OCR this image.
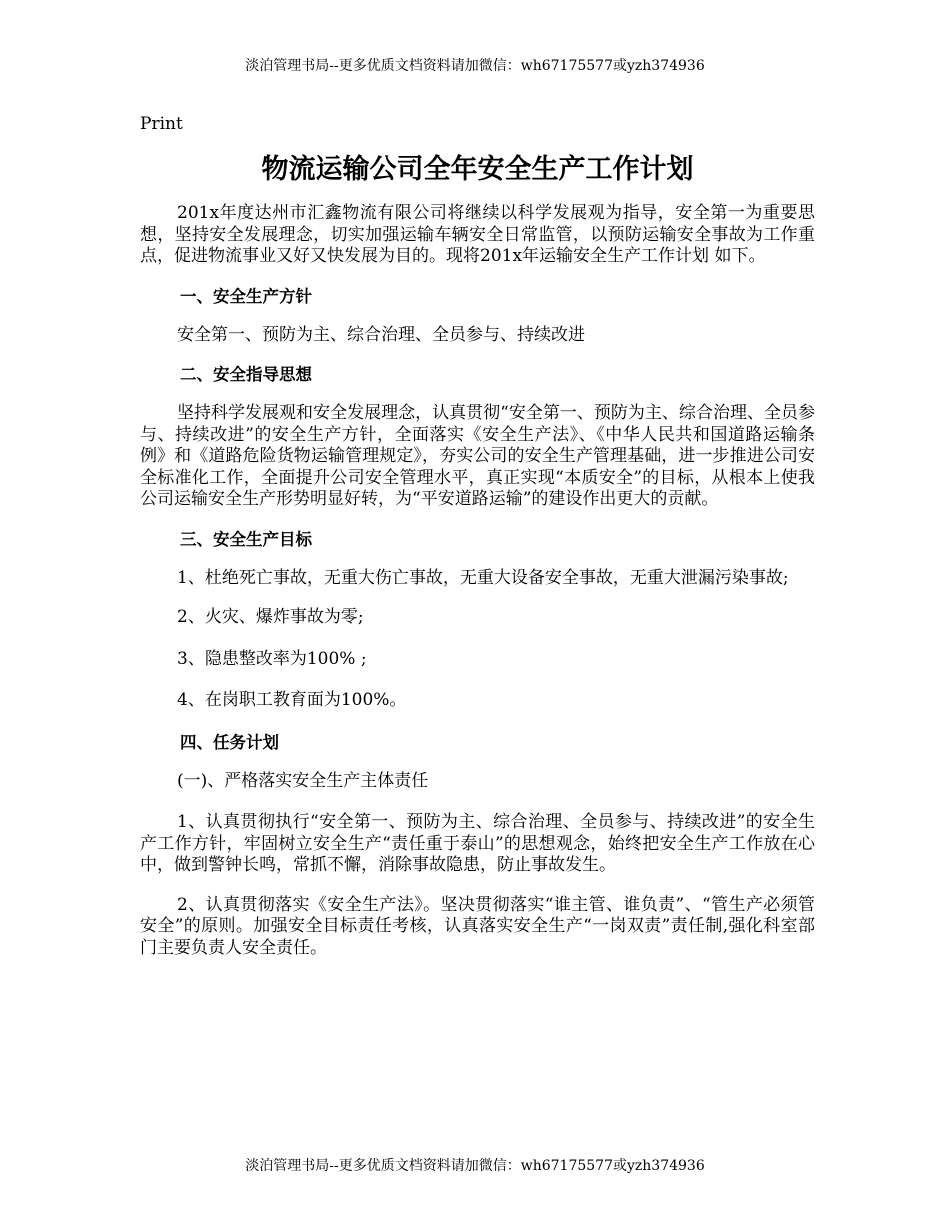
淡泊管理书局--更多优质文档资料请加微信：wh67175577或yzh374936
Print
物流运输公司全年安全生产工作计划

201x年度达州市汇鑫物流有限公司将继续以科学发展观为指导，安全第一为重要思想，坚持安全发展理念，切实加强运输车辆安全日常监管，以预防运输安全事故为工作重点，促进物流事业又好又快发展为目的。现将201x年运输安全生产工作计划 如下。

一、安全生产方针

安全第一、预防为主、综合治理、全员参与、持续改进

二、安全指导思想

坚持科学发展观和安全发展理念，认真贯彻“安全第一、预防为主、综合治理、全员参与、持续改进”的安全生产方针，全面落实《安全生产法》、《中华人民共和国道路运输条例》和《道路危险货物运输管理规定》，夯实公司的安全生产管理基础，进一步推进公司安全标准化工作，全面提升公司安全管理水平，真正实现“本质安全”的目标，从根本上使我公司运输安全生产形势明显好转，为“平安道路运输”的建设作出更大的贡献。

三、安全生产目标

1、杜绝死亡事故，无重大伤亡事故，无重大设备安全事故，无重大泄漏污染事故;

2、火灾、爆炸事故为零;

3、隐患整改率为100% ;

4、在岗职工教育面为100%。

四、任务计划

(一)、严格落实安全生产主体责任

1、认真贯彻执行“安全第一、预防为主、综合治理、全员参与、持续改进”的安全生产工作方针，牢固树立安全生产“责任重于泰山”的思想观念，始终把安全生产工作放在心中，做到警钟长鸣，常抓不懈，消除事故隐患，防止事故发生。

2、认真贯彻落实《安全生产法》。坚决贯彻落实“谁主管、谁负责”、“管生产必须管安全”的原则。加强安全目标责任考核，认真落实安全生产“一岗双责”责任制,强化科室部门主要负责人安全责任。

淡泊管理书局--更多优质文档资料请加微信：wh67175577或yzh374936
